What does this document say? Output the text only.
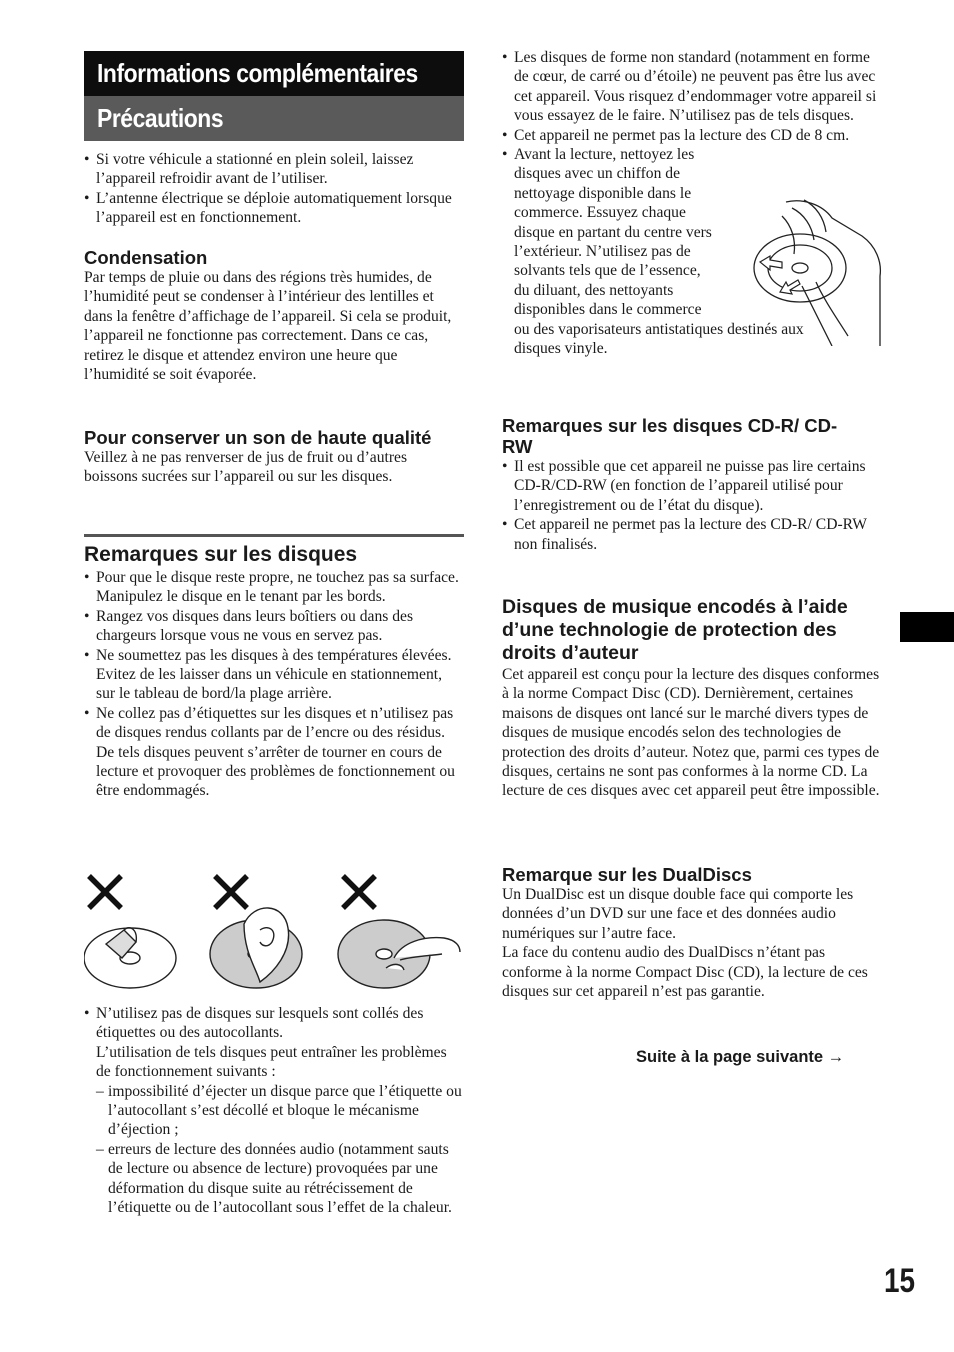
Informations complémentaires
Précautions
• Si votre véhicule a stationné en plein soleil, laissez l’appareil refroidir avant de l’utiliser.
• L’antenne électrique se déploie automatiquement lorsque l’appareil est en fonctionnement.
Condensation

Par temps de pluie ou dans des régions très humides, de l’humidité peut se condenser à l’intérieur des lentilles et dans la fenêtre d’affichage de l’appareil. Si cela se produit, l’appareil ne fonctionne pas correctement. Dans ce cas, retirez le disque et attendez environ une heure que l’humidité se soit évaporée.

Pour conserver un son de haute qualité

Veillez à ne pas renverser de jus de fruit ou d’autres boissons sucrées sur l’appareil ou sur les disques.

Remarques sur les disques
• Pour que le disque reste propre, ne touchez pas sa surface. Manipulez le disque en le tenant par les bords.
• Rangez vos disques dans leurs boîtiers ou dans des chargeurs lorsque vous ne vous en servez pas.
• Ne soumettez pas les disques à des températures élevées. Evitez de les laisser dans un véhicule en stationnement, sur le tableau de bord/la plage arrière.
• Ne collez pas d’étiquettes sur les disques et n’utilisez pas de disques rendus collants par de l’encre ou des résidus. De tels disques peuvent s’arrêter de tourner en cours de lecture et provoquer des problèmes de fonctionnement ou être endommagés.
• N’utilisez pas de disques sur lesquels sont collés des étiquettes ou des autocollants.

L’utilisation de tels disques peut entraîner les problèmes de fonctionnement suivants :

– impossibilité d’éjecter un disque parce que l’étiquette ou l’autocollant s’est décollé et bloque le mécanisme d’éjection ;

– erreurs de lecture des données audio (notamment sauts de lecture ou absence de lecture) provoquées par une déformation du disque suite au rétrécissement de l’étiquette ou de l’autocollant sous l’effet de la chaleur.

• Les disques de forme non standard (notamment en forme de cœur, de carré ou d’étoile) ne peuvent pas être lus avec cet appareil. Vous risquez d’endommager votre appareil si vous essayez de le faire. N’utilisez pas de tels disques.
• Cet appareil ne permet pas la lecture des CD de 8 cm.

• Avant la lecture, nettoyez les

disques avec un chiffon de

nettoyage disponible dans le

commerce. Essuyez chaque

disque en partant du centre vers

l’extérieur. N’utilisez pas de

solvants tels que de l’essence,

du diluant, des nettoyants

disponibles dans le commerce

ou des vaporisateurs antistatiques destinés aux

disques vinyle.

Remarques sur les disques CD-R/ CD-RW
• Il est possible que cet appareil ne puisse pas lire certains CD-R/CD-RW (en fonction de l’appareil utilisé pour l’enregistrement ou de l’état du disque).
• Cet appareil ne permet pas la lecture des CD-R/ CD-RW non finalisés.
Disques de musique encodés à l’aide d’une technologie de protection des droits d’auteur

Cet appareil est conçu pour la lecture des disques conformes à la norme Compact Disc (CD). Dernièrement, certaines maisons de disques ont lancé sur le marché divers types de disques de musique encodés selon des technologies de protection des droits d’auteur. Notez que, parmi ces types de disques, certains ne sont pas conformes à la norme CD. La lecture de ces disques avec cet appareil peut être impossible.

Remarque sur les DualDiscs

Un DualDisc est un disque double face qui comporte les données d’un DVD sur une face et des données audio numériques sur l’autre face.

La face du contenu audio des DualDiscs n’étant pas conforme à la norme Compact Disc (CD), la lecture de ces disques sur cet appareil n’est pas garantie.

Suite à la page suivante →
15
